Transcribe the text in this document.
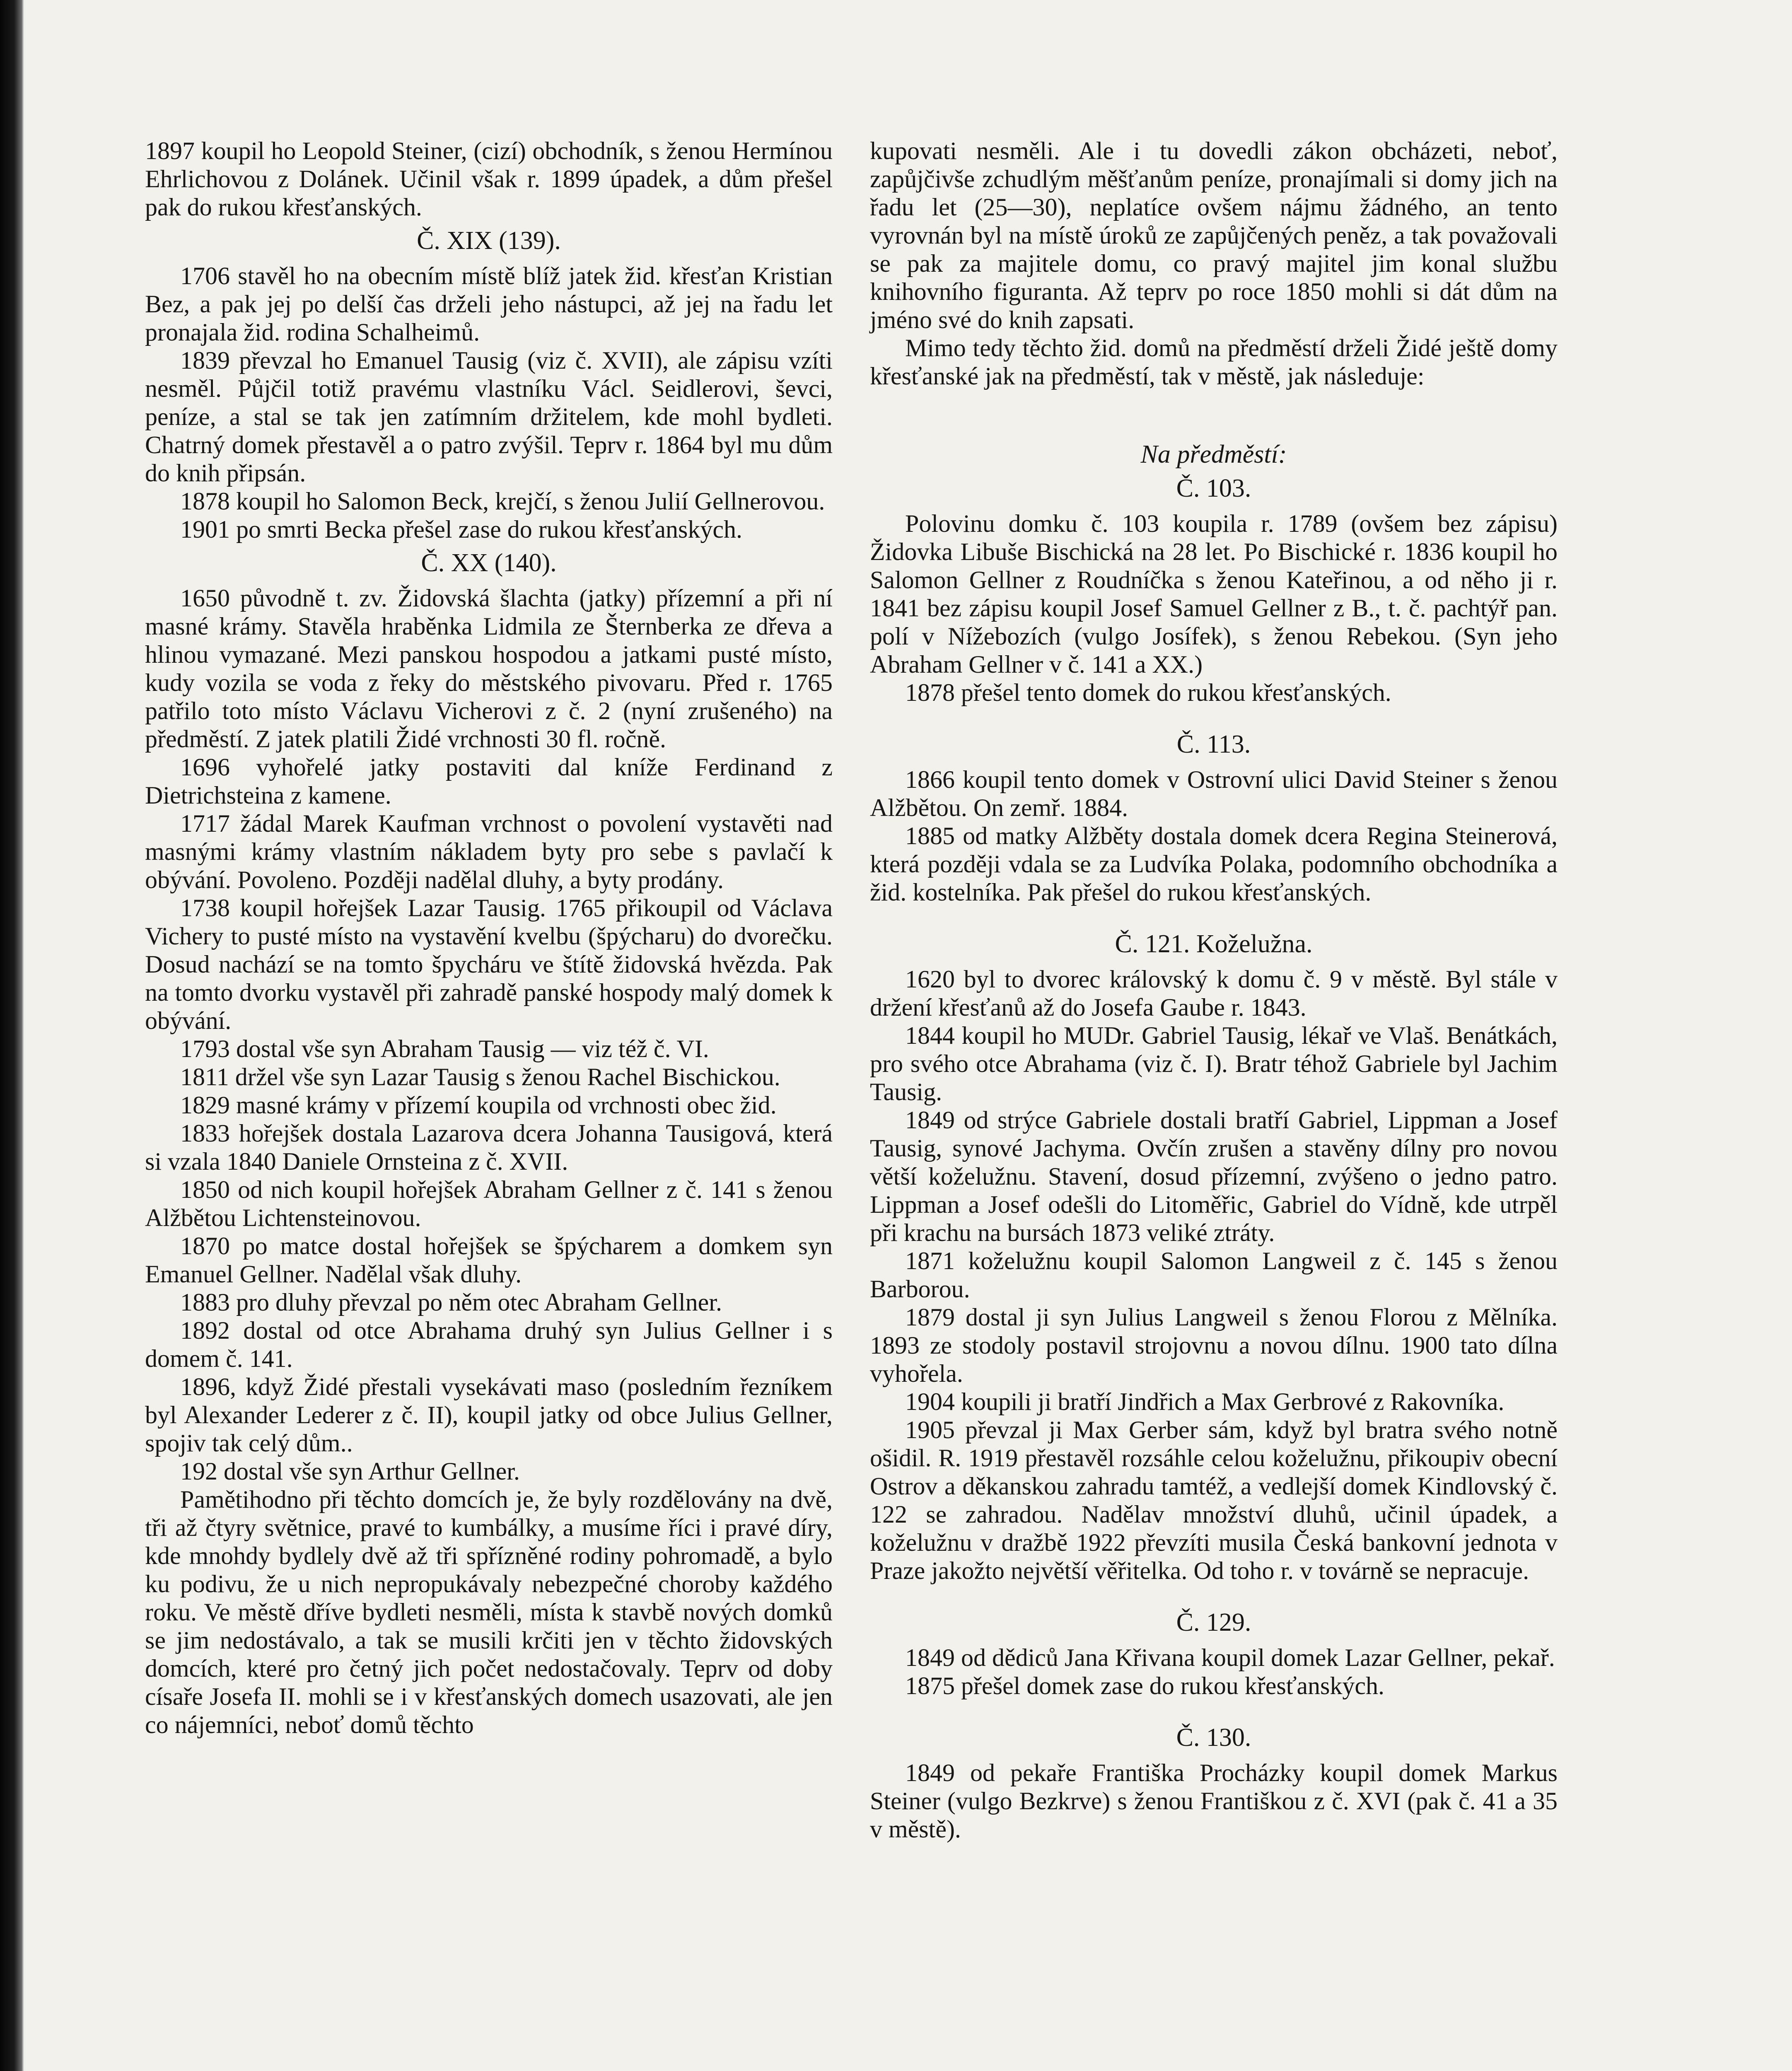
1897 koupil ho Leopold Steiner, (cizí) obchodník, s ženou Hermínou Ehrlichovou z Dolánek. Učinil však r. 1899 úpadek, a dům přešel pak do rukou křesťanských.

Č. XIX (139).

1706 stavěl ho na obecním místě blíž jatek žid. křesťan Kristian Bez, a pak jej po delší čas drželi jeho nástupci, až jej na řadu let pronajala žid. rodina Schalheimů.

1839 převzal ho Emanuel Tausig (viz č. XVII), ale zápisu vzíti nesměl. Půjčil totiž pravému vlastníku Václ. Seidlerovi, ševci, peníze, a stal se tak jen zatímním držitelem, kde mohl bydleti. Chatrný domek přestavěl a o patro zvýšil. Teprv r. 1864 byl mu dům do knih připsán.

1878 koupil ho Salomon Beck, krejčí, s ženou Julií Gellnerovou.

1901 po smrti Becka přešel zase do rukou křesťanských.

Č. XX (140).

1650 původně t. zv. Židovská šlachta (jatky) přízemní a při ní masné krámy. Stavěla hraběnka Lidmila ze Šternberka ze dřeva a hlinou vymazané. Mezi panskou hospodou a jatkami pusté místo, kudy vozila se voda z řeky do městského pivovaru. Před r. 1765 patřilo toto místo Václavu Vicherovi z č. 2 (nyní zrušeného) na předměstí. Z jatek platili Židé vrchnosti 30 fl. ročně.

1696 vyhořelé jatky postaviti dal kníže Ferdinand z Dietrichsteina z kamene.

1717 žádal Marek Kaufman vrchnost o povolení vystavěti nad masnými krámy vlastním nákladem byty pro sebe s pavlačí k obývání. Povoleno. Později nadělal dluhy, a byty prodány.

1738 koupil hořejšek Lazar Tausig. 1765 přikoupil od Václava Vichery to pusté místo na vystavění kvelbu (špýcharu) do dvorečku. Dosud nachází se na tomto špycháru ve štítě židovská hvězda. Pak na tomto dvorku vystavěl při zahradě panské hospody malý domek k obývání.

1793 dostal vše syn Abraham Tausig — viz též č. VI.

1811 držel vše syn Lazar Tausig s ženou Rachel Bischickou.

1829 masné krámy v přízemí koupila od vrchnosti obec žid.

1833 hořejšek dostala Lazarova dcera Johanna Tausigová, která si vzala 1840 Daniele Ornsteina z č. XVII.

1850 od nich koupil hořejšek Abraham Gellner z č. 141 s ženou Alžbětou Lichtensteinovou.

1870 po matce dostal hořejšek se špýcharem a domkem syn Emanuel Gellner. Nadělal však dluhy.

1883 pro dluhy převzal po něm otec Abraham Gellner.

1892 dostal od otce Abrahama druhý syn Julius Gellner i s domem č. 141.

1896, když Židé přestali vysekávati maso (posledním řezníkem byl Alexander Lederer z č. II), koupil jatky od obce Julius Gellner, spojiv tak celý dům..

192 dostal vše syn Arthur Gellner.

Pamětihodno při těchto domcích je, že byly rozdělovány na dvě, tři až čtyry světnice, pravé to kumbálky, a musíme říci i pravé díry, kde mnohdy bydlely dvě až tři spřízněné rodiny pohromadě, a bylo ku podivu, že u nich nepropukávaly nebezpečné choroby každého roku. Ve městě dříve bydleti nesměli, místa k stavbě nových domků se jim nedostávalo, a tak se musili krčiti jen v těchto židovských domcích, které pro četný jich počet nedostačovaly. Teprv od doby císaře Josefa II. mohli se i v křesťanských domech usazovati, ale jen co nájemníci, neboť domů těchto

kupovati nesměli. Ale i tu dovedli zákon obcházeti, neboť, zapůjčivše zchudlým měšťanům peníze, pronajímali si domy jich na řadu let (25—30), neplatíce ovšem nájmu žádného, an tento vyrovnán byl na místě úroků ze zapůjčených peněz, a tak považovali se pak za majitele domu, co pravý majitel jim konal službu knihovního figuranta. Až teprv po roce 1850 mohli si dát dům na jméno své do knih zapsati.

Mimo tedy těchto žid. domů na předměstí drželi Židé ještě domy křesťanské jak na předměstí, tak v městě, jak následuje:

Na předměstí:
Č. 103.

Polovinu domku č. 103 koupila r. 1789 (ovšem bez zápisu) Židovka Libuše Bischická na 28 let. Po Bischické r. 1836 koupil ho Salomon Gellner z Roudníčka s ženou Kateřinou, a od něho ji r. 1841 bez zápisu koupil Josef Samuel Gellner z B., t. č. pachtýř pan. polí v Nížebozích (vulgo Josífek), s ženou Rebekou. (Syn jeho Abraham Gellner v č. 141 a XX.)

1878 přešel tento domek do rukou křesťanských.

Č. 113.

1866 koupil tento domek v Ostrovní ulici David Steiner s ženou Alžbětou. On zemř. 1884.

1885 od matky Alžběty dostala domek dcera Regina Steinerová, která později vdala se za Ludvíka Polaka, podomního obchodníka a žid. kostelníka. Pak přešel do rukou křesťanských.

Č. 121. Koželužna.

1620 byl to dvorec královský k domu č. 9 v městě. Byl stále v držení křesťanů až do Josefa Gaube r. 1843.

1844 koupil ho MUDr. Gabriel Tausig, lékař ve Vlaš. Benátkách, pro svého otce Abrahama (viz č. I). Bratr téhož Gabriele byl Jachim Tausig.

1849 od strýce Gabriele dostali bratří Gabriel, Lippman a Josef Tausig, synové Jachyma. Ovčín zrušen a stavěny dílny pro novou větší koželužnu. Stavení, dosud přízemní, zvýšeno o jedno patro. Lippman a Josef odešli do Litoměřic, Gabriel do Vídně, kde utrpěl při krachu na bursách 1873 veliké ztráty.

1871 koželužnu koupil Salomon Langweil z č. 145 s ženou Barborou.

1879 dostal ji syn Julius Langweil s ženou Florou z Mělníka. 1893 ze stodoly postavil strojovnu a novou dílnu. 1900 tato dílna vyhořela.

1904 koupili ji bratří Jindřich a Max Gerbrové z Rakovníka.

1905 převzal ji Max Gerber sám, když byl bratra svého notně ošidil. R. 1919 přestavěl rozsáhle celou koželužnu, přikoupiv obecní Ostrov a děkanskou zahradu tamtéž, a vedlejší domek Kindlovský č. 122 se zahradou. Nadělav množství dluhů, učinil úpadek, a koželužnu v dražbě 1922 převzíti musila Česká bankovní jednota v Praze jakožto největší věřitelka. Od toho r. v továrně se nepracuje.

Č. 129.

1849 od dědiců Jana Křivana koupil domek Lazar Gellner, pekař.

1875 přešel domek zase do rukou křesťanských.

Č. 130.

1849 od pekaře Františka Procházky koupil domek Markus Steiner (vulgo Bezkrve) s ženou Františkou z č. XVI (pak č. 41 a 35 v městě).
